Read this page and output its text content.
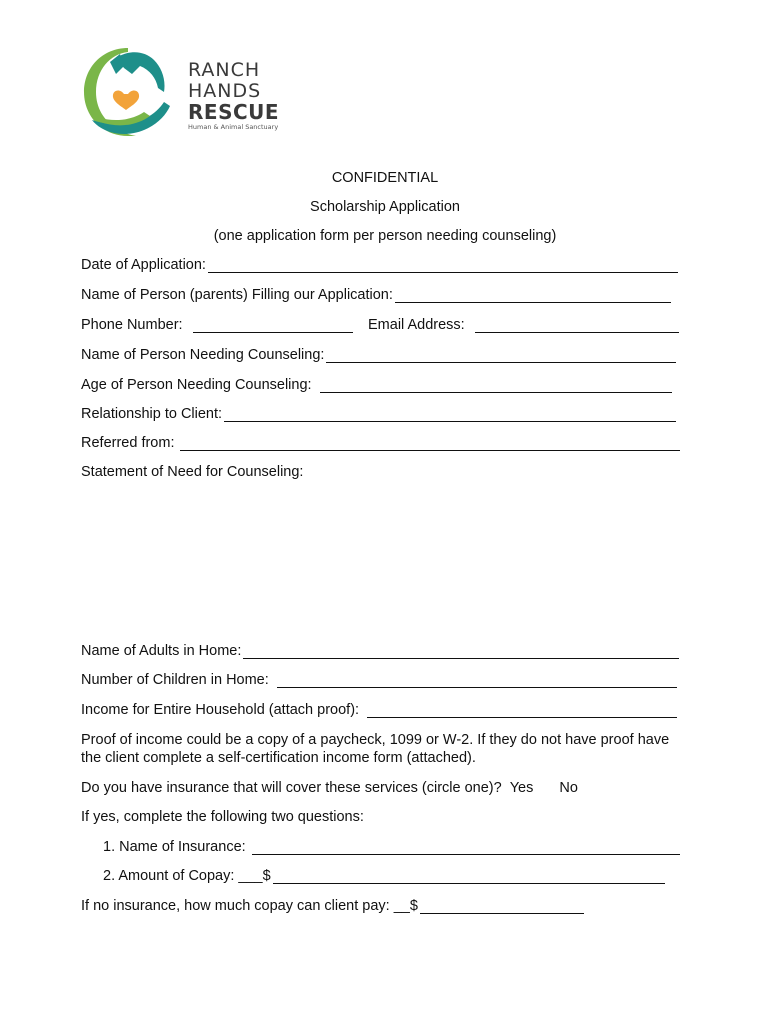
RANCH
HANDS
RESCUE
Human & Animal Sanctuary
CONFIDENTIAL
Scholarship Application
(one application form per person needing counseling)
Date of Application:
Name of Person (parents) Filling our Application:
Phone Number:	Email Address:
Name of Person Needing Counseling:
Age of Person Needing Counseling:
Relationship to Client:
Referred from:
Statement of Need for Counseling:
Name of Adults in Home:
Number of Children in Home:
Income for Entire Household (attach proof):
Proof of income could be a copy of a paycheck, 1099 or W-2. If they do not have proof have the client complete a self-certification income form (attached).
Do you have insurance that will cover these services (circle one)? Yes No
If yes, complete the following two questions:
1. Name of Insurance:
2. Amount of Copay: ___$
If no insurance, how much copay can client pay: __$
